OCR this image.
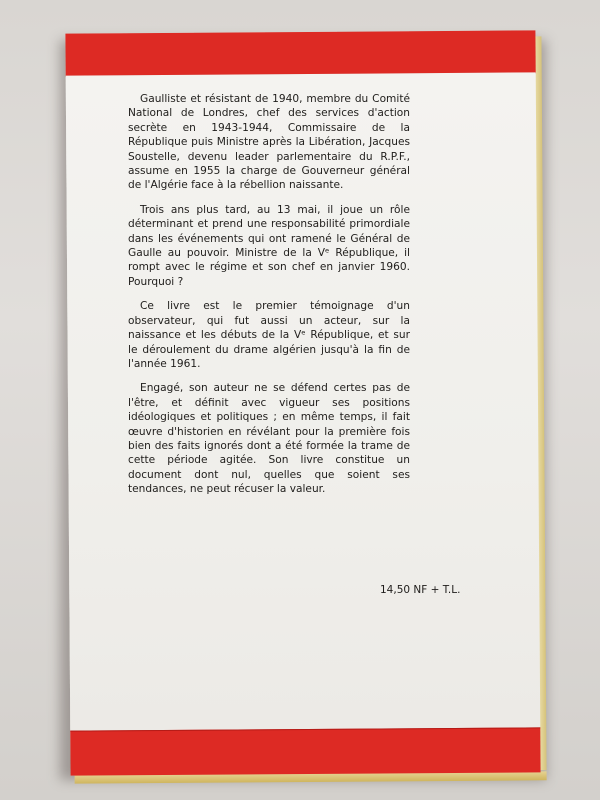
Gaulliste et résistant de 1940, membre du Comité National de Londres, chef des services d'action secrète en 1943-1944, Commissaire de la République puis Ministre après la Libération, Jacques Soustelle, devenu leader parlementaire du R.P.F., assume en 1955 la charge de Gouverneur général de l'Algérie face à la rébellion naissante.

Trois ans plus tard, au 13 mai, il joue un rôle déterminant et prend une responsabilité primordiale dans les événements qui ont ramené le Général de Gaulle au pouvoir. Ministre de la Vᵉ République, il rompt avec le régime et son chef en janvier 1960. Pourquoi ?

Ce livre est le premier témoignage d'un observateur, qui fut aussi un acteur, sur la naissance et les débuts de la Vᵉ République, et sur le déroulement du drame algérien jusqu'à la fin de l'année 1961.

Engagé, son auteur ne se défend certes pas de l'être, et définit avec vigueur ses positions idéologiques et politiques ; en même temps, il fait œuvre d'historien en révélant pour la première fois bien des faits ignorés dont a été formée la trame de cette période agitée. Son livre constitue un document dont nul, quelles que soient ses tendances, ne peut récuser la valeur.

14,50 NF + T.L.
